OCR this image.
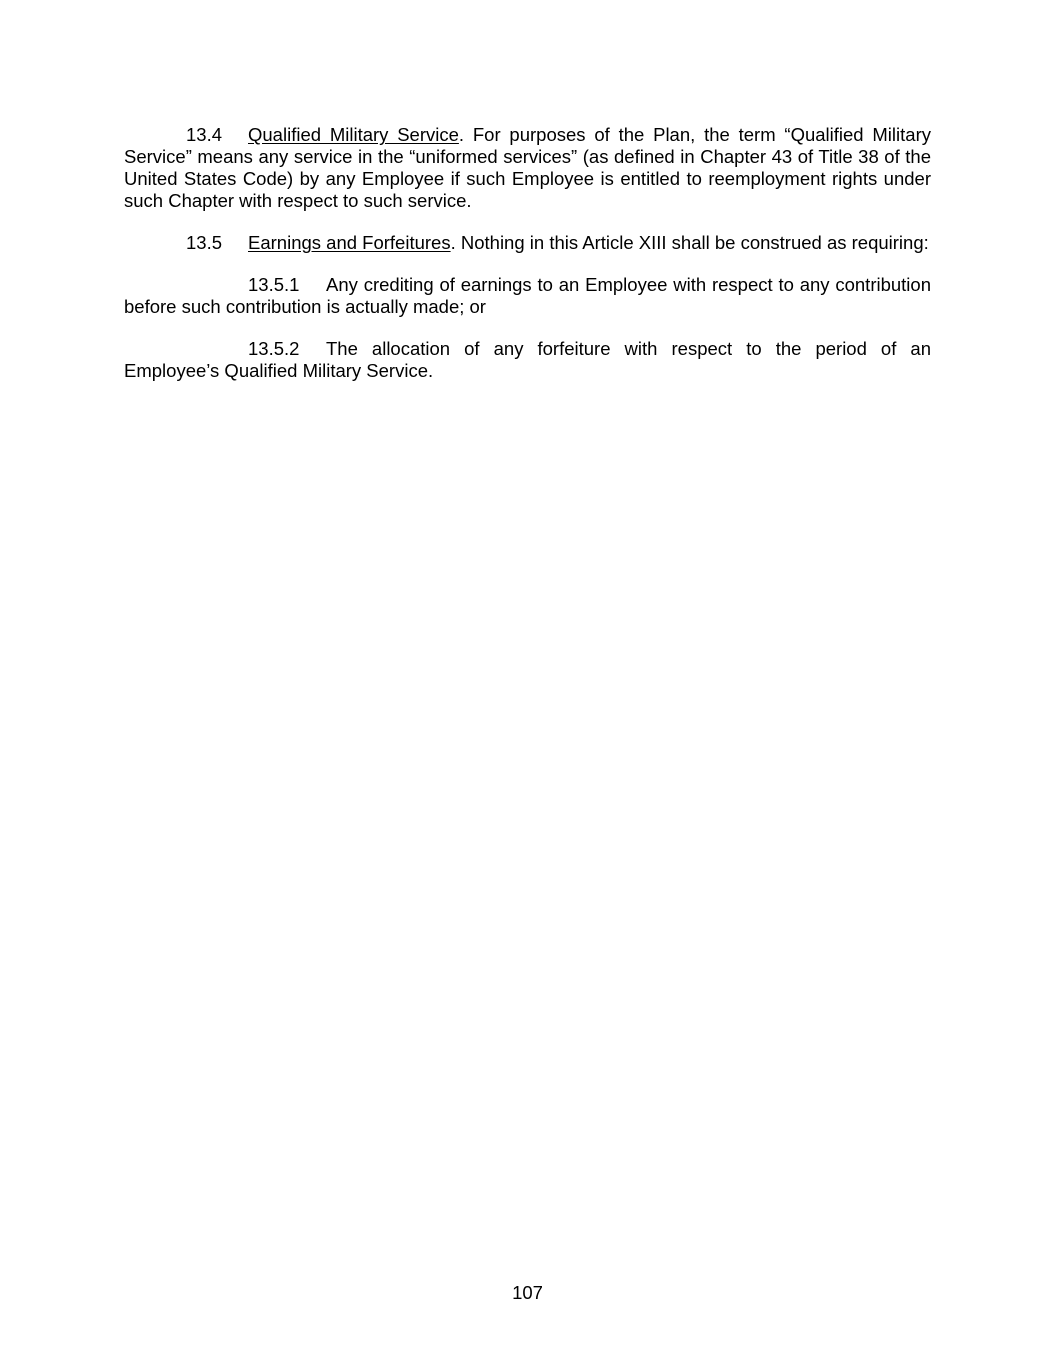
13.4 Qualified Military Service. For purposes of the Plan, the term “Qualified Military Service” means any service in the “uniformed services” (as defined in Chapter 43 of Title 38 of the United States Code) by any Employee if such Employee is entitled to reemployment rights under such Chapter with respect to such service.

13.5 Earnings and Forfeitures. Nothing in this Article XIII shall be construed as requiring:

13.5.1 Any crediting of earnings to an Employee with respect to any contribution before such contribution is actually made; or

13.5.2 The allocation of any forfeiture with respect to the period of an Employee’s Qualified Military Service.

107
